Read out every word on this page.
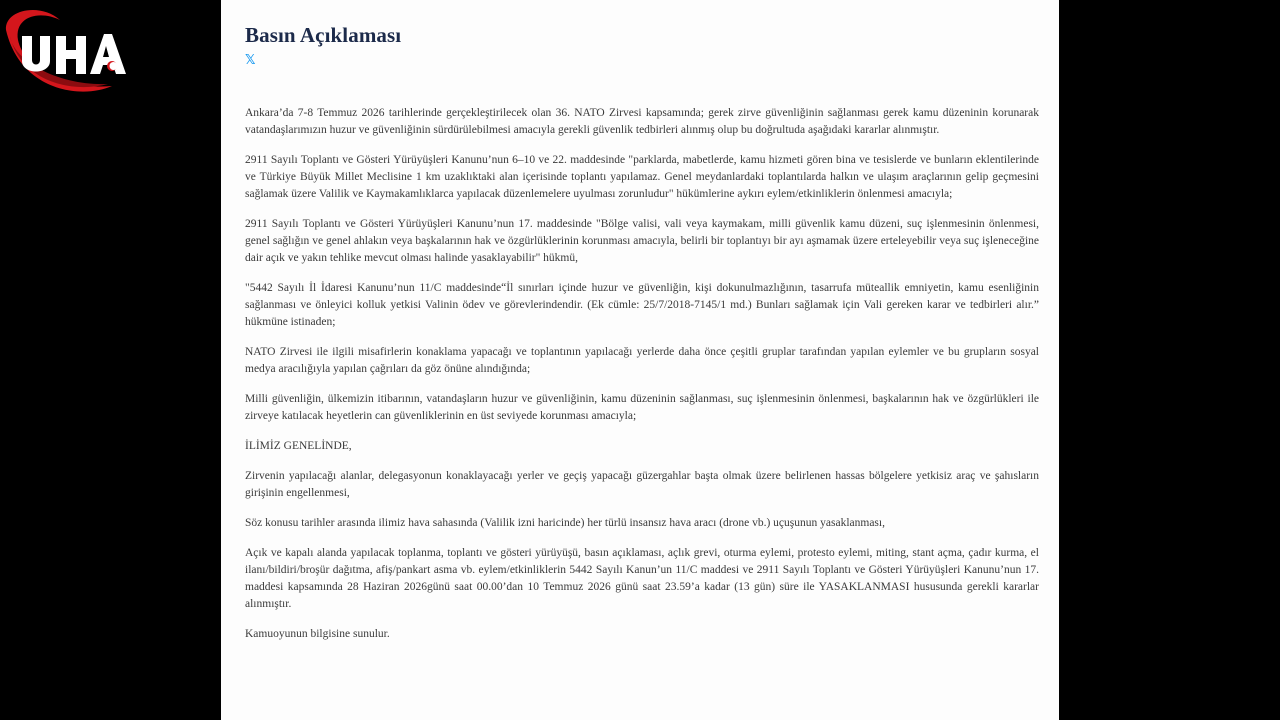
Basın Açıklaması
𝕏

Ankara’da 7-8 Temmuz 2026 tarihlerinde gerçekleştirilecek olan 36. NATO Zirvesi kapsamında; gerek zirve güvenliğinin sağlanması gerek kamu düzeninin korunarak vatandaşlarımızın huzur ve güvenliğinin sürdürülebilmesi amacıyla gerekli güvenlik tedbirleri alınmış olup bu doğrultuda aşağıdaki kararlar alınmıştır.

2911 Sayılı Toplantı ve Gösteri Yürüyüşleri Kanunu’nun 6–10 ve 22. maddesinde "parklarda, mabetlerde, kamu hizmeti gören bina ve tesislerde ve bunların eklentilerinde ve Türkiye Büyük Millet Meclisine 1 km uzaklıktaki alan içerisinde toplantı yapılamaz. Genel meydanlardaki toplantılarda halkın ve ulaşım araçlarının gelip geçmesini sağlamak üzere Valilik ve Kaymakamlıklarca yapılacak düzenlemelere uyulması zorunludur" hükümlerine aykırı eylem/etkinliklerin önlenmesi amacıyla;

2911 Sayılı Toplantı ve Gösteri Yürüyüşleri Kanunu’nun 17. maddesinde "Bölge valisi, vali veya kaymakam, milli güvenlik kamu düzeni, suç işlenmesinin önlenmesi, genel sağlığın ve genel ahlakın veya başkalarının hak ve özgürlüklerinin korunması amacıyla, belirli bir toplantıyı bir ayı aşmamak üzere erteleyebilir veya suç işleneceğine dair açık ve yakın tehlike mevcut olması halinde yasaklayabilir" hükmü,

"5442 Sayılı İl İdaresi Kanunu’nun 11/C maddesinde“İl sınırları içinde huzur ve güvenliğin, kişi dokunulmazlığının, tasarrufa müteallik emniyetin, kamu esenliğinin sağlanması ve önleyici kolluk yetkisi Valinin ödev ve görevlerindendir. (Ek cümle: 25/7/2018-7145/1 md.) Bunları sağlamak için Vali gereken karar ve tedbirleri alır.” hükmüne istinaden;

NATO Zirvesi ile ilgili misafirlerin konaklama yapacağı ve toplantının yapılacağı yerlerde daha önce çeşitli gruplar tarafından yapılan eylemler ve bu grupların sosyal medya aracılığıyla yapılan çağrıları da göz önüne alındığında;

Milli güvenliğin, ülkemizin itibarının, vatandaşların huzur ve güvenliğinin, kamu düzeninin sağlanması, suç işlenmesinin önlenmesi, başkalarının hak ve özgürlükleri ile zirveye katılacak heyetlerin can güvenliklerinin en üst seviyede korunması amacıyla;

İLİMİZ GENELİNDE,

Zirvenin yapılacağı alanlar, delegasyonun konaklayacağı yerler ve geçiş yapacağı güzergahlar başta olmak üzere belirlenen hassas bölgelere yetkisiz araç ve şahısların girişinin engellenmesi,

Söz konusu tarihler arasında ilimiz hava sahasında (Valilik izni haricinde) her türlü insansız hava aracı (drone vb.) uçuşunun yasaklanması,

Açık ve kapalı alanda yapılacak toplanma, toplantı ve gösteri yürüyüşü, basın açıklaması, açlık grevi, oturma eylemi, protesto eylemi, miting, stant açma, çadır kurma, el ilanı/bildiri/broşür dağıtma, afiş/pankart asma vb. eylem/etkinliklerin 5442 Sayılı Kanun’un 11/C maddesi ve 2911 Sayılı Toplantı ve Gösteri Yürüyüşleri Kanunu’nun 17. maddesi kapsamında 28 Haziran 2026günü saat 00.00’dan 10 Temmuz 2026 günü saat 23.59’a kadar (13 gün) süre ile YASAKLANMASI hususunda gerekli kararlar alınmıştır.

Kamuoyunun bilgisine sunulur.
